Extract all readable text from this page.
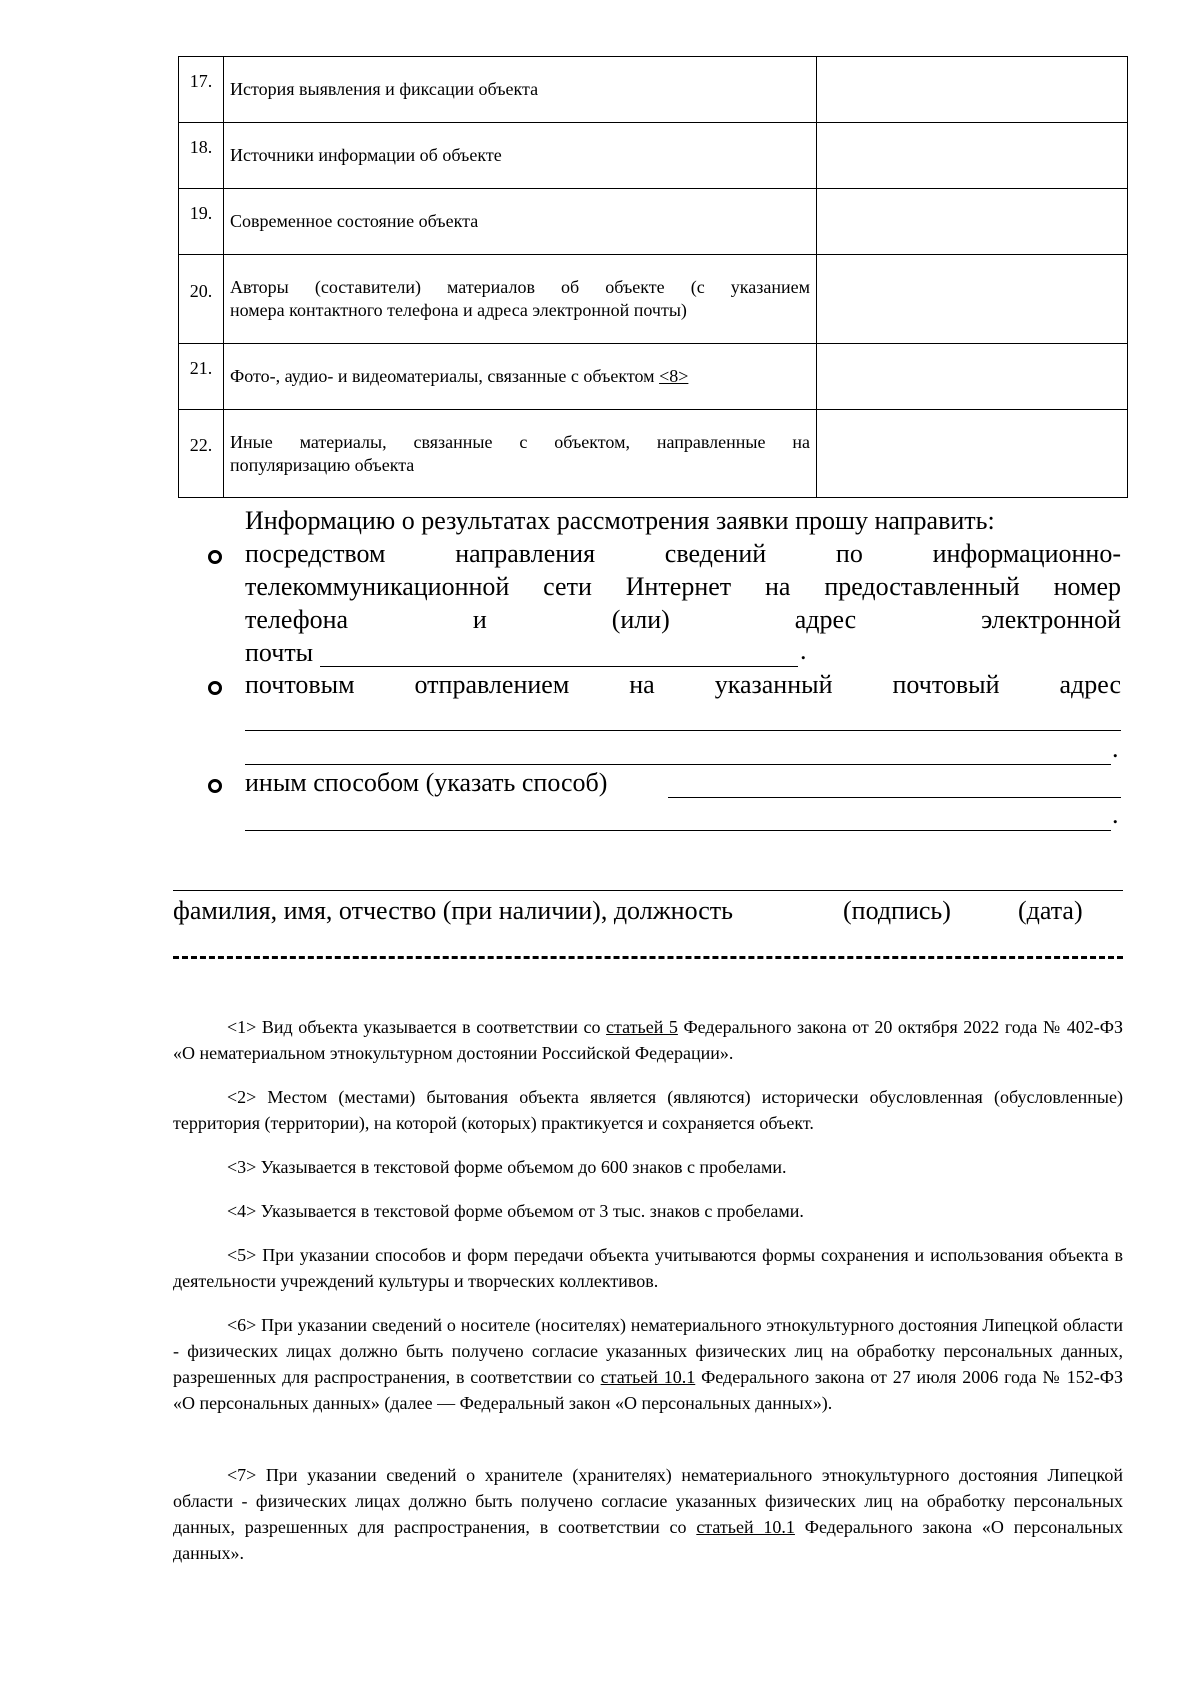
17.	История выявления и фиксации объекта	
18.	Источники информации об объекте	
19.	Современное состояние объекта	
20.	Авторы (составители) материалов об объекте (с указанием
номера контактного телефона и адреса электронной почты)	
21.	Фото-, аудио- и видеоматериалы, связанные с объектом <8>	
22.	Иные материалы, связанные с объектом, направленные на
популяризацию объекта	
Информацию о результатах рассмотрения заявки прошу направить:
посредством направления сведений по информационно-
телекоммуникационной сети Интернет на предоставленный номер
телефона и (или) адрес электронной
почты	.
почтовым отправлением на указанный почтовый адрес
.
иным способом (указать способ)
.
фамилия, имя, отчество (при наличии), должность	(подпись)	(дата)

<1> Вид объекта указывается в соответствии со статьей 5 Федерального закона от 20 октября 2022 года № 402-ФЗ «О нематериальном этнокультурном достоянии Российской Федерации».

<2> Местом (местами) бытования объекта является (являются) исторически обусловленная (обусловленные) территория (территории), на которой (которых) практикуется и сохраняется объект.

<3> Указывается в текстовой форме объемом до 600 знаков с пробелами.

<4> Указывается в текстовой форме объемом от 3 тыс. знаков с пробелами.

<5> При указании способов и форм передачи объекта учитываются формы сохранения и использования объекта в деятельности учреждений культуры и творческих коллективов.

<6> При указании сведений о носителе (носителях) нематериального этнокультурного достояния Липецкой области - физических лицах должно быть получено согласие указанных физических лиц на обработку персональных данных, разрешенных для распространения, в соответствии со статьей 10.1 Федерального закона от 27 июля 2006 года № 152-ФЗ «О персональных данных» (далее — Федеральный закон «О персональных данных»).

<7> При указании сведений о хранителе (хранителях) нематериального этнокультурного достояния Липецкой области - физических лицах должно быть получено согласие указанных физических лиц на обработку персональных данных, разрешенных для распространения, в соответствии со статьей 10.1 Федерального закона «О персональных данных».
